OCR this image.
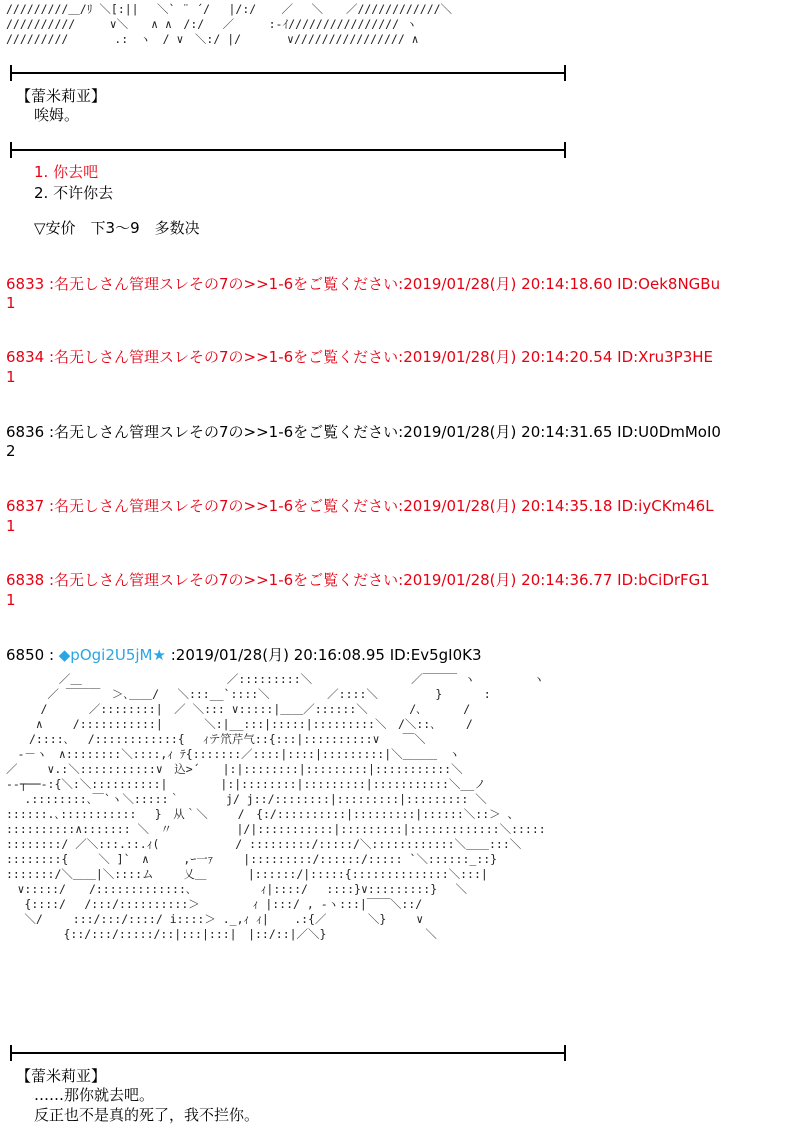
/////////＿/ﾘ ＼[:|| 　＼` ¨ ´/ 　|/:/ 　 ／ 　＼　　／////////////＼
//////////　　　∨＼　　∧ ∧　/:/　 ／　　　:-ｲ//////////////// ヽ
/////////　　　　.:　ヽ　/ ∨　＼:/ |/　　　　∨//////////////// ∧
【蕾米莉亚】
唉姆。
1. 你去吧
2. 不许你去
▽安价　下3～9　多数决
6833 :名无しさん管理スレその7の>>1-6をご覧ください:2019/01/28(月) 20:14:18.60 ID:Oek8NGBu
1
6834 :名无しさん管理スレその7の>>1-6をご覧ください:2019/01/28(月) 20:14:20.54 ID:Xru3P3HE
1
6836 :名无しさん管理スレその7の>>1-6をご覧ください:2019/01/28(月) 20:14:31.65 ID:U0DmMoI0
2
6837 :名无しさん管理スレその7の>>1-6をご覧ください:2019/01/28(月) 20:14:35.18 ID:iyCKm46L
1
6838 :名无しさん管理スレその7の>>1-6をご覧ください:2019/01/28(月) 20:14:36.77 ID:bCiDrFG1
1
6850 : ◆pOgi2U5jM★ :2019/01/28(月) 20:16:08.95 ID:Ev5gI0K3
　　　　 ／＿　　　　　　　　　　　　 ／:::::::::＼　　　　　　　　 ／￣￣￣ ヽ　　　　　ヽ
　　　 ／ ￣￣￣　＞､＿＿/　 ＼:::__`::::＼　　　　　／::::＼　　　　　}　　　 :
　　　/　　　 ／::::::::|　／ ＼::: ∨:::::|＿＿／::::::＼　　　 /､　　　 /
　　 ∧　　 /:::::::::::|　　　 ＼:|__:::|:::::|:::::::::＼　/＼::､　　 /
　　/::::､　 /::::::::::::{　 ｨテ笊芹气::{:::|::::::::::∨　　￣＼
　-－ヽ　∧::::::::＼::::,ｨ ﾃ{:::::::／::::|::::|:::::::::|＼＿＿＿　ヽ
／　　 ∨.:＼:::::::::::∨　込>´　　|:|::::::::|:::::::::|:::::::::::＼
-‐┬──‐:{＼:＼::::::::::|　　　　 |:|::::::::|:::::::::|:::::::::::＼__ノ
　 .::::::::､￣`ヽ＼:::::｀　　　　j/ j::/::::::::|:::::::::|::::::::: ＼
::::::.､:::::::::::　 }　从｀＼　　 /　{:/::::::::::|:::::::::|::::::＼::＞ 、
::::::::::∧::::::: ＼　〃　　　　　 |/|:::::::::::|:::::::::|:::::::::::::＼:::::
::::::::/ ／＼:::.::.ｨ(　　　　　　 / :::::::::/:::::/＼::::::::::::＼＿＿:::＼
::::::::{　　 ＼ ]`　∧　　　,ｰ一ｧ　　 |:::::::::/::::::/::::: `＼::::::_::}
:::::::/＼＿＿|＼::::ム 　　乂＿　　　 |::::::/|:::::{::::::::::::::＼:::|
　∨:::::/　　/:::::::::::::､　　　　　　ｨ|::::/　 ::::}∨:::::::::}　 ＼
　 {::::/　 /:::/::::::::::＞　　　　 ｨ |:::/ , -ヽ:::|￣￣＼::/
　 ＼/　　 :::/:::/::::/ i::::＞ ._,ｨ ｨ| 　 .:{／　　　 ＼}　　 ∨
　　　　　{::/:::/:::::/::|:::|:::|　|::/::|／＼}　　　　　　　　 ＼
【蕾米莉亚】
……那你就去吧。
反正也不是真的死了，我不拦你。
